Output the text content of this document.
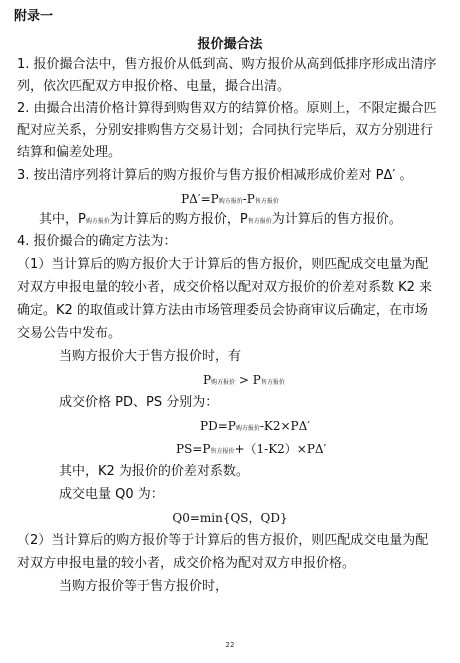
附录一
报价撮合法
1. 报价撮合法中，售方报价从低到高、购方报价从高到低排序形成出清序
列，依次匹配双方申报价格、电量，撮合出清。
2. 由撮合出清价格计算得到购售双方的结算价格。原则上，不限定撮合匹
配对应关系，分别安排购售方交易计划；合同执行完毕后，双方分别进行
结算和偏差处理。
3. 按出清序列将计算后的购方报价与售方报价相减形成价差对 PΔ′ 。
PΔ′=P购方报价-P售方报价
其中，P购方报价为计算后的购方报价，P售方报价为计算后的售方报价。
4. 报价撮合的确定方法为：
（1）当计算后的购方报价大于计算后的售方报价，则匹配成交电量为配
对双方申报电量的较小者，成交价格以配对双方报价的价差对系数 K2 来
确定。K2 的取值或计算方法由市场管理委员会协商审议后确定，在市场
交易公告中发布。
当购方报价大于售方报价时，有
P购方报价 > P售方报价
成交价格 PD、PS 分别为：
PD=P购方报价-K2×PΔ′
PS=P售方报价+（1-K2）×PΔ′
其中，K2 为报价的价差对系数。
成交电量 Q0 为：
Q0=min{QS，QD}
（2）当计算后的购方报价等于计算后的售方报价，则匹配成交电量为配
对双方申报电量的较小者，成交价格为配对双方申报价格。
当购方报价等于售方报价时，
22
